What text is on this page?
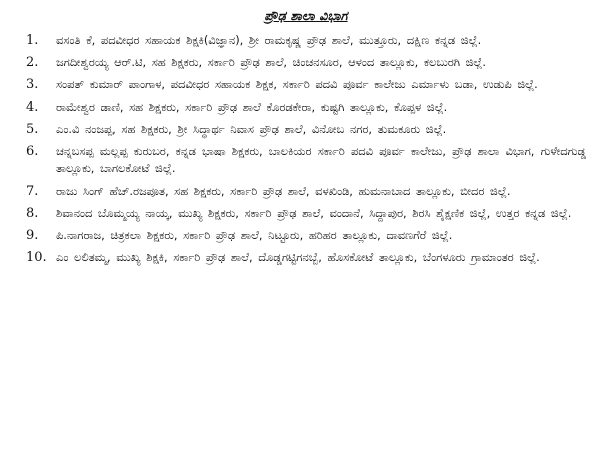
ಪ್ರೌಢ ಶಾಲಾ ವಿಭಾಗ
1.	ವಸಂತಿ ಕೆ, ಪದವೀಧರ ಸಹಾಯಕ ಶಿಕ್ಷಕಿ(ವಿಜ್ಞಾನ), ಶ್ರೀ ರಾಮಕೃಷ್ಣ ಪ್ರೌಢ ಶಾಲೆ, ಮುತ್ತೂರು, ದಕ್ಷಿಣ ಕನ್ನಡ ಜಿಲ್ಲೆ.
2.	ಜಗದೀಶ್ವರಯ್ಯ ಆರ್.ಟಿ, ಸಹ ಶಿಕ್ಷಕರು, ಸರ್ಕಾರಿ ಪ್ರೌಢ ಶಾಲೆ, ಚಿಂಚನಸೂರ, ಆಳಂದ ತಾಲ್ಲೂಕು, ಕಲಬುರಗಿ ಜಿಲ್ಲೆ.
3.	ಸಂಪತ್ ಕುಮಾರ್ ಪಾಂಗಾಳ, ಪದವೀಧರ ಸಹಾಯಕ ಶಿಕ್ಷಕ, ಸರ್ಕಾರಿ ಪದವಿ ಪೂರ್ವ ಕಾಲೇಜು ಎರ್ಮಾಳು ಬಡಾ, ಉಡುಪಿ ಜಿಲ್ಲೆ.
4.	ರಾಮೇಶ್ವರ ಡಾಣಿ, ಸಹ ಶಿಕ್ಷಕರು, ಸರ್ಕಾರಿ ಪ್ರೌಢ ಶಾಲೆ ಕೊರಡಕೇರಾ, ಕುಷ್ಟಗಿ ತಾಲ್ಲೂಕು, ಕೊಪ್ಪಳ ಜಿಲ್ಲೆ.
5.	ಎಂ.ವಿ ನಂಜಪ್ಪ, ಸಹ ಶಿಕ್ಷಕರು, ಶ್ರೀ ಸಿದ್ಧಾರ್ಥ ನಿವಾಸ ಪ್ರೌಢ ಶಾಲೆ, ವಿನೋಬ ನಗರ, ತುಮಕೂರು ಜಿಲ್ಲೆ.
6.	ಚನ್ನಬಸಪ್ಪ ಮಲ್ಲಪ್ಪ ಕುರುಬರ, ಕನ್ನಡ ಭಾಷಾ ಶಿಕ್ಷಕರು, ಬಾಲಕಿಯರ ಸರ್ಕಾರಿ ಪದವಿ ಪೂರ್ವ ಕಾಲೇಜು, ಪ್ರೌಢ ಶಾಲಾ ವಿಭಾಗ, ಗುಳೇದಗುಡ್ಡ ತಾಲ್ಲೂಕು, ಬಾಗಲಕೋಟೆ ಜಿಲ್ಲೆ.
7.	ರಾಜು ಸಿಂಗ್ ಹೆಚ್.ರಜಪೂತ, ಸಹ ಶಿಕ್ಷಕರು, ಸರ್ಕಾರಿ ಪ್ರೌಢ ಶಾಲೆ, ವಳಖಿಂಡಿ, ಹುಮನಾಬಾದ ತಾಲ್ಲೂಕು, ಬೀದರ ಜಿಲ್ಲೆ.
8.	ಶಿವಾನಂದ ಬೊಮ್ಮಯ್ಯ ನಾಯ್ಕ, ಮುಖ್ಯ ಶಿಕ್ಷಕರು, ಸರ್ಕಾರಿ ಪ್ರೌಢ ಶಾಲೆ, ವಂದಾನೆ, ಸಿದ್ದಾಪುರ, ಶಿರಸಿ ಶೈಕ್ಷಣಿಕ ಜಿಲ್ಲೆ, ಉತ್ತರ ಕನ್ನಡ ಜಿಲ್ಲೆ.
9.	ಪಿ.ನಾಗರಾಜ, ಚಿತ್ರಕಲಾ ಶಿಕ್ಷಕರು, ಸರ್ಕಾರಿ ಪ್ರೌಢ ಶಾಲೆ, ನಿಟ್ಟೂರು, ಹರಿಹರ ತಾಲ್ಲೂಕು, ದಾವಣಗೆರೆ ಜಿಲ್ಲೆ.
10. ಎಂ ಲಲಿತಮ್ಮ, ಮುಖ್ಯ ಶಿಕ್ಷಕಿ, ಸರ್ಕಾರಿ ಪ್ರೌಢ ಶಾಲೆ, ದೊಡ್ಡಗಟ್ಟಿಗನಬ್ಬೆ, ಹೊಸಕೋಟೆ ತಾಲ್ಲೂಕು, ಬೆಂಗಳೂರು ಗ್ರಾಮಾಂತರ ಜಿಲ್ಲೆ.
